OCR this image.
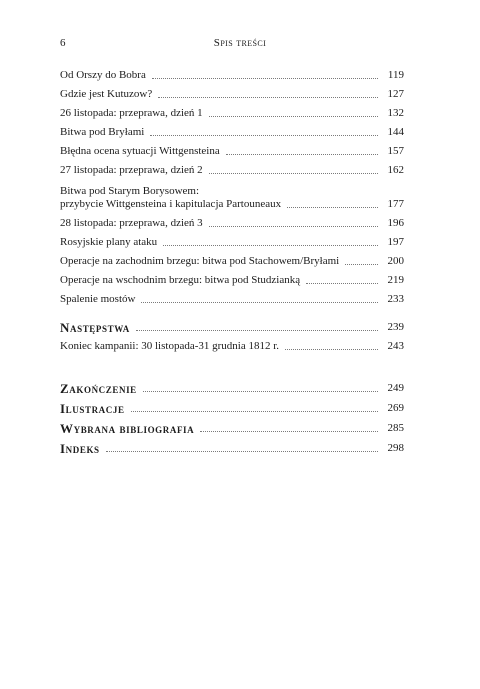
6	Spis treści
Od Orszy do Bobra	119
Gdzie jest Kutuzow?	127
26 listopada: przeprawa, dzień 1	132
Bitwa pod Bryłami	144
Błędna ocena sytuacji Wittgensteina	157
27 listopada: przeprawa, dzień 2	162
Bitwa pod Starym Borysowem:
przybycie Wittgensteina i kapitulacja Partouneaux	177
28 listopada: przeprawa, dzień 3	196
Rosyjskie plany ataku	197
Operacje na zachodnim brzegu: bitwa pod Stachowem/Bryłami	200
Operacje na wschodnim brzegu: bitwa pod Studzianką	219
Spalenie mostów	233
Następstwa	239
Koniec kampanii: 30 listopada-31 grudnia 1812 r.	243
Zakończenie	249
Ilustracje	269
Wybrana bibliografia	285
Indeks	298
